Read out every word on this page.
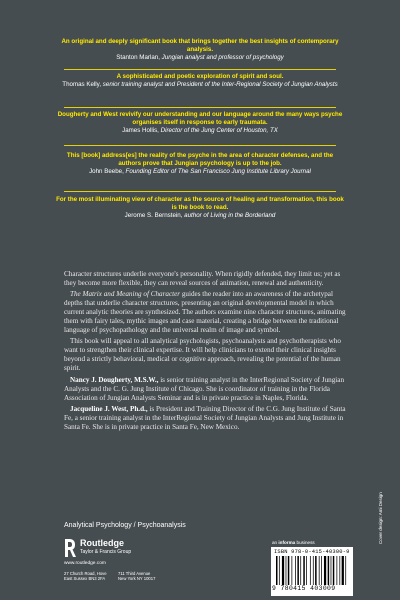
An original and deeply significant book that brings together the best insights of contemporary analysis.
Stanton Marlan, Jungian analyst and professor of psychology
A sophisticated and poetic exploration of spirit and soul.
Thomas Kelly, senior training analyst and President of the Inter-Regional Society of Jungian Analysts
Dougherty and West revivify our understanding and our language around the many ways psyche organises itself in response to early traumata.
James Hollis, Director of the Jung Center of Houston, TX
This [book] address[es] the reality of the psyche in the area of character defenses, and the authors prove that Jungian psychology is up to the job.
John Beebe, Founding Editor of The San Francisco Jung Institute Library Journal
For the most illuminating view of character as the source of healing and transformation, this book is the book to read.
Jerome S. Bernstein, author of Living in the Borderland

Character structures underlie everyone's personality. When rigidly defended, they limit us; yet as they become more flexible, they can reveal sources of animation, renewal and authenticity.

The Matrix and Meaning of Character guides the reader into an awareness of the archetypal depths that underlie character structures, presenting an original developmental model in which current analytic theories are synthesized. The authors examine nine character structures, animating them with fairy tales, mythic images and case material, creating a bridge between the traditional language of psychopathology and the universal realm of image and symbol.

This book will appeal to all analytical psychologists, psychoanalysts and psychotherapists who want to strengthen their clinical expertise. It will help clinicians to extend their clinical insights beyond a strictly behavioral, medical or cognitive approach, revealing the potential of the human spirit.

Nancy J. Dougherty, M.S.W., is senior training analyst in the InterRegional Society of Jungian Analysts and the C. G. Jung Institute of Chicago. She is coordinator of training in the Florida Association of Jungian Analysts Seminar and is in private practice in Naples, Florida.

Jacqueline J. West, Ph.d., is President and Training Director of the C.G. Jung Institute of Santa Fe, a senior training analyst in the InterRegional Society of Jungian Analysts and Jung Institute in Santa Fe. She is in private practice in Santa Fe, New Mexico.

Analytical Psychology / Psychoanalysis
Routledge
Taylor & Francis Group
www.routledge.com
27 Church Road, Hove
East Sussex BN3 2FA
711 Third Avenue
New York NY 10017
an informa business
ISBN 978-0-415-40300-9
9 780415 403009
Cover design: Ami Design
